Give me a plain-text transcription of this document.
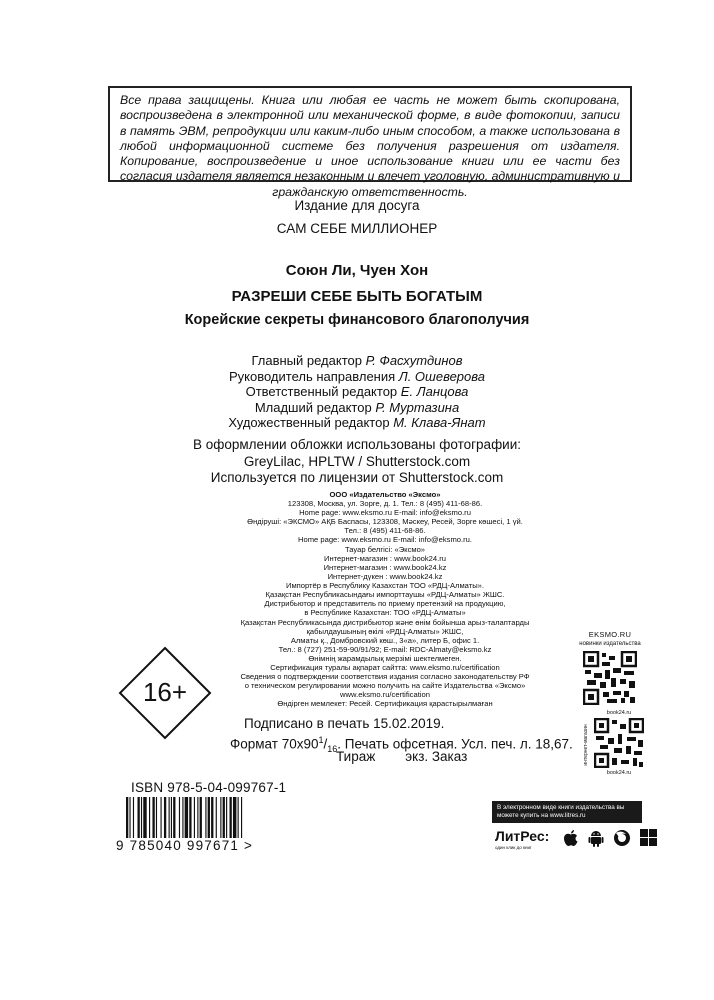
Все права защищены. Книга или любая ее часть не может быть скопирована, воспроизведена в электронной или механической форме, в виде фотокопии, записи в память ЭВМ, репродукции или каким-либо иным способом, а также использована в любой информационной системе без получения разрешения от издателя. Копирование, воспроизведение и иное использование книги или ее части без согласия издателя является незаконным и влечет уголовную, административную и гражданскую ответственность.
Издание для досуга
САМ СЕБЕ МИЛЛИОНЕР
Союн Ли, Чуен Хон
РАЗРЕШИ СЕБЕ БЫТЬ БОГАТЫМ
Корейские секреты финансового благополучия
Главный редактор Р. Фасхутдинов
Руководитель направления Л. Ошеверова
Ответственный редактор Е. Ланцова
Младший редактор Р. Муртазина
Художественный редактор М. Клава-Янат
В оформлении обложки использованы фотографии:
GreyLilac, HPLTW / Shutterstock.com
Используется по лицензии от Shutterstock.com
ООО «Издательство «Эксмо»
123308, Москва, ул. Зорге, д. 1. Тел.: 8 (495) 411-68-86.
Home page: www.eksmo.ru E-mail: info@eksmo.ru
Өндіруші: «ЭКСМО» АҚБ Баспасы, 123308, Мәскеу, Ресей, Зорге көшесі, 1 үй.
Тел.: 8 (495) 411-68-86.
Home page: www.eksmo.ru E-mail: info@eksmo.ru.
Тауар белгісі: «Эксмо»
Интернет-магазин : www.book24.ru
Интернет-магазин : www.book24.kz
Интернет-дүкен : www.book24.kz
Импортёр в Республику Казахстан ТОО «РДЦ-Алматы».
Қазақстан Республикасындағы импорттаушы «РДЦ-Алматы» ЖШС.
Дистрибьютор и представитель по приему претензий на продукцию,
в Республике Казахстан: ТОО «РДЦ-Алматы»
Қазақстан Республикасында дистрибьютор және өнім бойынша арыз-талаптарды
қабылдаушының өкілі «РДЦ-Алматы» ЖШС,
Алматы қ., Домбровский көш., 3«а», литер Б, офис 1.
Тел.: 8 (727) 251-59-90/91/92; E-mail: RDC-Almaty@eksmo.kz
Өнімнің жарамдылық мерзімі шектелмеген.
Сертификация туралы ақпарат сайтта: www.eksmo.ru/certification
Сведения о подтверждении соответствия издания согласно законодательству РФ
о техническом регулировании можно получить на сайте Издательства «Эксмо»
www.eksmo.ru/certification
Өндірген мемлекет: Ресей. Сертификация қарастырылмаған
16+
Подписано в печать 15.02.2019.
Формат $70x90^1/_{16}$. Печать офсетная. Усл. печ. л. 18,67.
Тираж        экз. Заказ
EKSMO.RU
новинки издательства
book24.ru
интернет-магазин
book24.ru
ISBN 978-5-04-099767-1
9 785040 997671 >
В электронном виде книги издательства вы можете купить на www.litres.ru
ЛитРес:
один клик до книг
